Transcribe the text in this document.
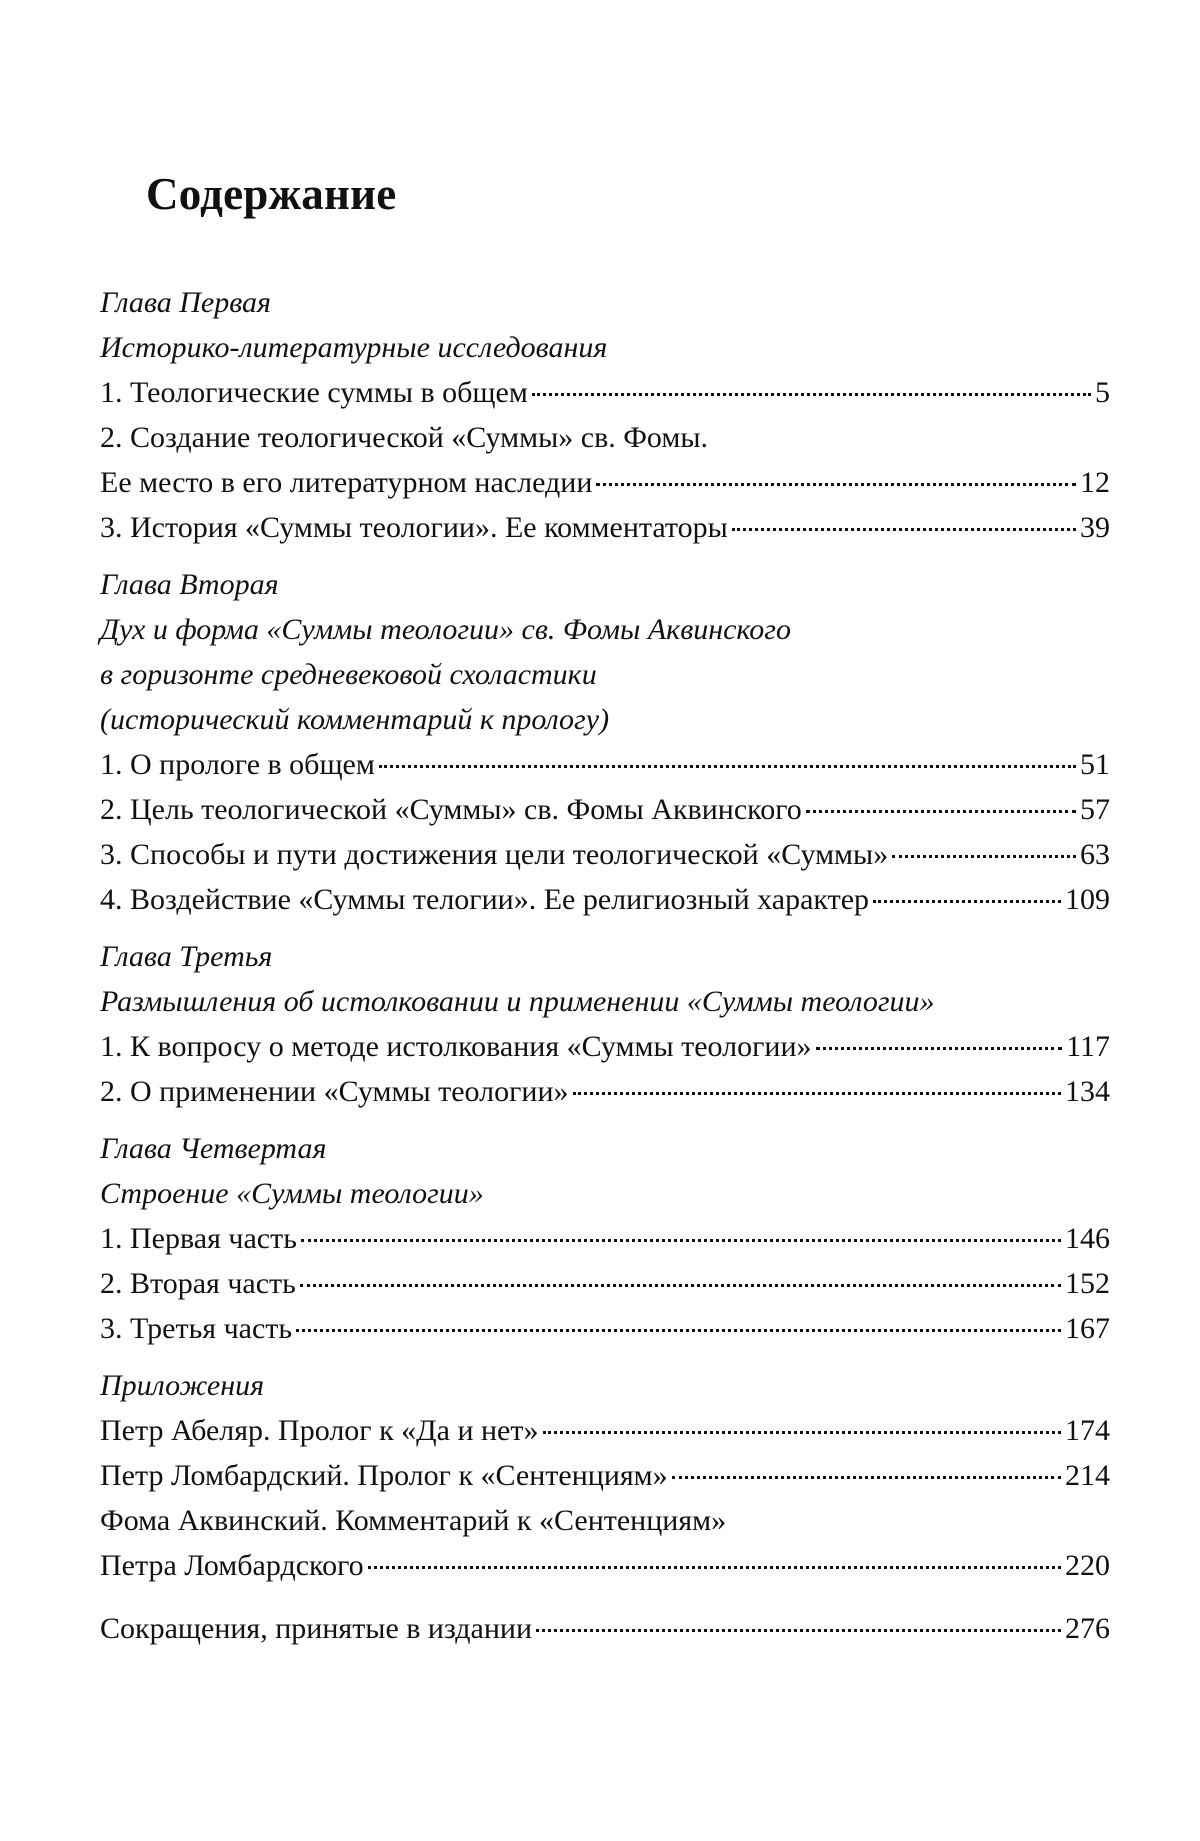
Содержание
Глава Первая
Историко-литературные исследования
1. Теологические суммы в общем	5
2. Создание теологической «Суммы» св. Фомы.
Ее место в его литературном наследии	12
3. История «Суммы теологии». Ее комментаторы	39
Глава Вторая
Дух и форма «Суммы теологии» св. Фомы Аквинского
в горизонте средневековой схоластики
(исторический комментарий к прологу)
1. О прологе в общем	51
2. Цель теологической «Суммы» св. Фомы Аквинского	57
3. Способы и пути достижения цели теологической «Суммы»	63
4. Воздействие «Суммы телогии». Ее религиозный характер	109
Глава Третья
Размышления об истолковании и применении «Суммы теологии»
1. К вопросу о методе истолкования «Суммы теологии»	117
2. О применении «Суммы теологии»	134
Глава Четвертая
Строение «Суммы теологии»
1. Первая часть	146
2. Вторая часть	152
3. Третья часть	167
Приложения
Петр Абеляр. Пролог к «Да и нет»	174
Петр Ломбардский. Пролог к «Сентенциям»	214
Фома Аквинский. Комментарий к «Сентенциям»
Петра Ломбардского	220
Сокращения, принятые в издании	276
